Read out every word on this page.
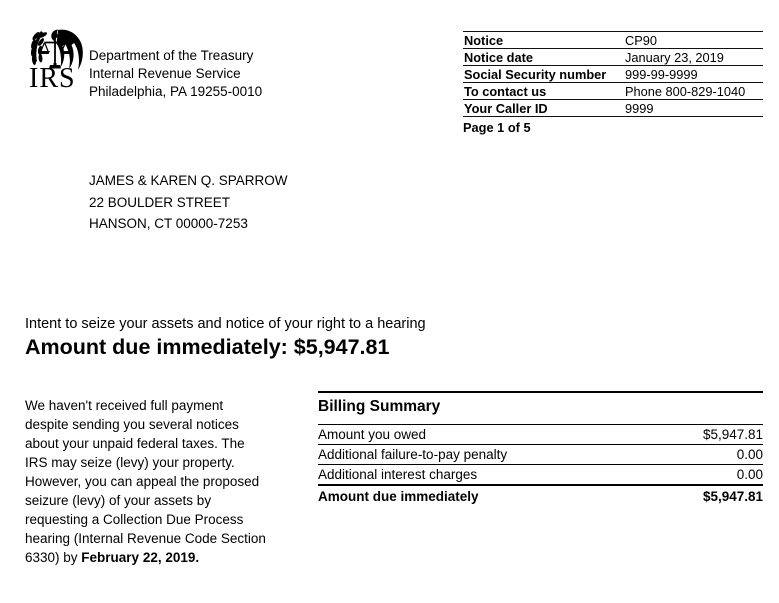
IRS
Department of the Treasury
Internal Revenue Service
Philadelphia, PA 19255-0010
Notice	CP90
Notice date	January 23, 2019
Social Security number	999-99-9999
To contact us	Phone 800-829-1040
Your Caller ID	9999
Page 1 of 5
JAMES & KAREN Q. SPARROW
22 BOULDER STREET
HANSON, CT 00000-7253
Intent to seize your assets and notice of your right to a hearing
Amount due immediately: $5,947.81
We haven't received full payment
despite sending you several notices
about your unpaid federal taxes. The
IRS may seize (levy) your property.
However, you can appeal the proposed
seizure (levy) of your assets by
requesting a Collection Due Process
hearing (Internal Revenue Code Section
6330) by February 22, 2019.
Billing Summary
Amount you owed	$5,947.81
Additional failure-to-pay penalty	0.00
Additional interest charges	0.00
Amount due immediately	$5,947.81
